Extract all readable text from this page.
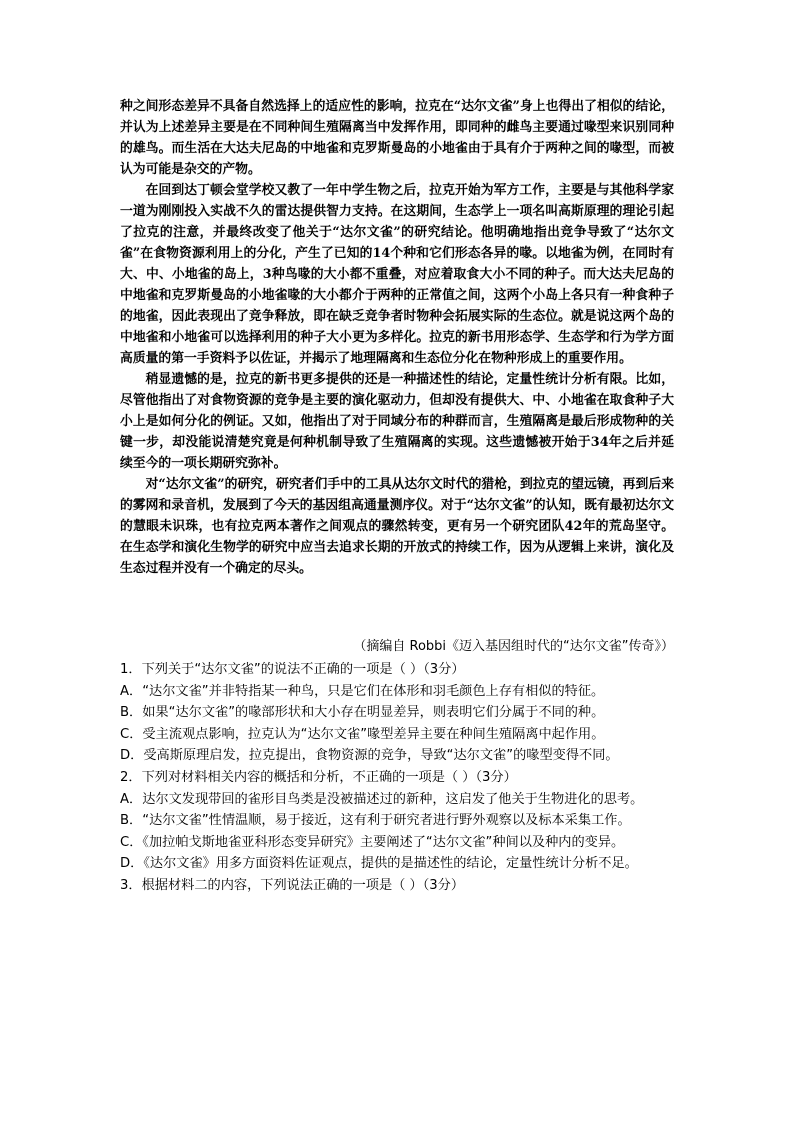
种之间形态差异不具备自然选择上的适应性的影响，拉克在“达尔文雀”身上也得出了相似的结论，并认为上述差异主要是在不同种间生殖隔离当中发挥作用，即同种的雌鸟主要通过喙型来识别同种的雄鸟。而生活在大达夫尼岛的中地雀和克罗斯曼岛的小地雀由于具有介于两种之间的喙型，而被认为可能是杂交的产物。

在回到达丁顿会堂学校又教了一年中学生物之后，拉克开始为军方工作，主要是与其他科学家一道为刚刚投入实战不久的雷达提供智力支持。在这期间，生态学上一项名叫高斯原理的理论引起了拉克的注意，并最终改变了他关于“达尔文雀”的研究结论。他明确地指出竞争导致了“达尔文雀”在食物资源利用上的分化，产生了已知的14个种和它们形态各异的喙。以地雀为例，在同时有大、中、小地雀的岛上，3种鸟喙的大小都不重叠，对应着取食大小不同的种子。而大达夫尼岛的中地雀和克罗斯曼岛的小地雀喙的大小都介于两种的正常值之间，这两个小岛上各只有一种食种子的地雀，因此表现出了竞争释放，即在缺乏竞争者时物种会拓展实际的生态位。就是说这两个岛的中地雀和小地雀可以选择利用的种子大小更为多样化。拉克的新书用形态学、生态学和行为学方面高质量的第一手资料予以佐证，并揭示了地理隔离和生态位分化在物种形成上的重要作用。

稍显遗憾的是，拉克的新书更多提供的还是一种描述性的结论，定量性统计分析有限。比如，尽管他指出了对食物资源的竞争是主要的演化驱动力，但却没有提供大、中、小地雀在取食种子大小上是如何分化的例证。又如，他指出了对于同域分布的种群而言，生殖隔离是最后形成物种的关键一步，却没能说清楚究竟是何种机制导致了生殖隔离的实现。这些遗憾被开始于34年之后并延续至今的一项长期研究弥补。

对“达尔文雀”的研究，研究者们手中的工具从达尔文时代的猎枪，到拉克的望远镜，再到后来的雾网和录音机，发展到了今天的基因组高通量测序仪。对于“达尔文雀”的认知，既有最初达尔文的慧眼未识珠，也有拉克两本著作之间观点的骤然转变，更有另一个研究团队42年的荒岛坚守。在生态学和演化生物学的研究中应当去追求长期的开放式的持续工作，因为从逻辑上来讲，演化及生态过程并没有一个确定的尽头。

（摘编自 Robbi《迈入基因组时代的“达尔文雀”传奇》）

1．下列关于“达尔文雀”的说法不正确的一项是（ ）（3分）

A．“达尔文雀”并非特指某一种鸟，只是它们在体形和羽毛颜色上存有相似的特征。

B．如果“达尔文雀”的喙部形状和大小存在明显差异，则表明它们分属于不同的种。

C．受主流观点影响，拉克认为“达尔文雀”喙型差异主要在种间生殖隔离中起作用。

D．受高斯原理启发，拉克提出，食物资源的竞争，导致“达尔文雀”的喙型变得不同。

2．下列对材料相关内容的概括和分析，不正确的一项是（ ）（3分）

A．达尔文发现带回的雀形目鸟类是没被描述过的新种，这启发了他关于生物进化的思考。

B．“达尔文雀”性情温顺，易于接近，这有利于研究者进行野外观察以及标本采集工作。

C．《加拉帕戈斯地雀亚科形态变异研究》主要阐述了“达尔文雀”种间以及种内的变异。

D．《达尔文雀》用多方面资料佐证观点，提供的是描述性的结论，定量性统计分析不足。

3．根据材料二的内容，下列说法正确的一项是（ ）（3分）
